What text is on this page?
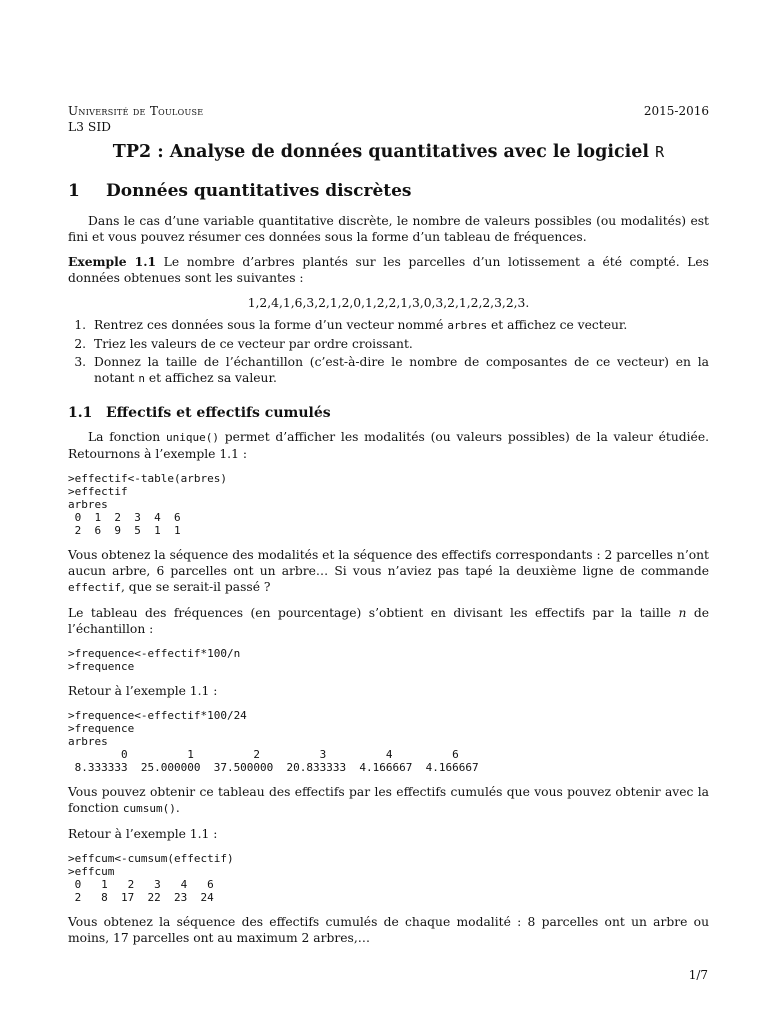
Université de Toulouse	2015-2016
L3 SID
TP2 : Analyse de données quantitatives avec le logiciel R
1 Données quantitatives discrètes

Dans le cas d’une variable quantitative discrète, le nombre de valeurs possibles (ou modalités) est fini et vous pouvez résumer ces données sous la forme d’un tableau de fréquences.

Exemple 1.1 Le nombre d’arbres plantés sur les parcelles d’un lotissement a été compté. Les données obtenues sont les suivantes :

1,2,4,1,6,3,2,1,2,0,1,2,2,1,3,0,3,2,1,2,2,3,2,3.
1. Rentrez ces données sous la forme d’un vecteur nommé arbres et affichez ce vecteur.
2. Triez les valeurs de ce vecteur par ordre croissant.
3. Donnez la taille de l’échantillon (c’est-à-dire le nombre de composantes de ce vecteur) en la notant n et affichez sa valeur.
1.1 Effectifs et effectifs cumulés

La fonction unique() permet d’afficher les modalités (ou valeurs possibles) de la valeur étudiée. Retournons à l’exemple 1.1 :

>effectif<-table(arbres)
>effectif
arbres
0  1  2  3  4  6
2  6  9  5  1  1

Vous obtenez la séquence des modalités et la séquence des effectifs correspondants : 2 parcelles n’ont aucun arbre, 6 parcelles ont un arbre… Si vous n’aviez pas tapé la deuxième ligne de commande effectif, que se serait-il passé ?

Le tableau des fréquences (en pourcentage) s’obtient en divisant les effectifs par la taille n de l’échantillon :

>frequence<-effectif*100/n
>frequence

Retour à l’exemple 1.1 :

>frequence<-effectif*100/24
>frequence
arbres
0         1         2         3         4         6
8.333333  25.000000  37.500000  20.833333  4.166667  4.166667

Vous pouvez obtenir ce tableau des effectifs par les effectifs cumulés que vous pouvez obtenir avec la fonction cumsum().

Retour à l’exemple 1.1 :

>effcum<-cumsum(effectif)
>effcum
0   1   2   3   4   6
2   8  17  22  23  24

Vous obtenez la séquence des effectifs cumulés de chaque modalité : 8 parcelles ont un arbre ou moins, 17 parcelles ont au maximum 2 arbres,…

1/7
